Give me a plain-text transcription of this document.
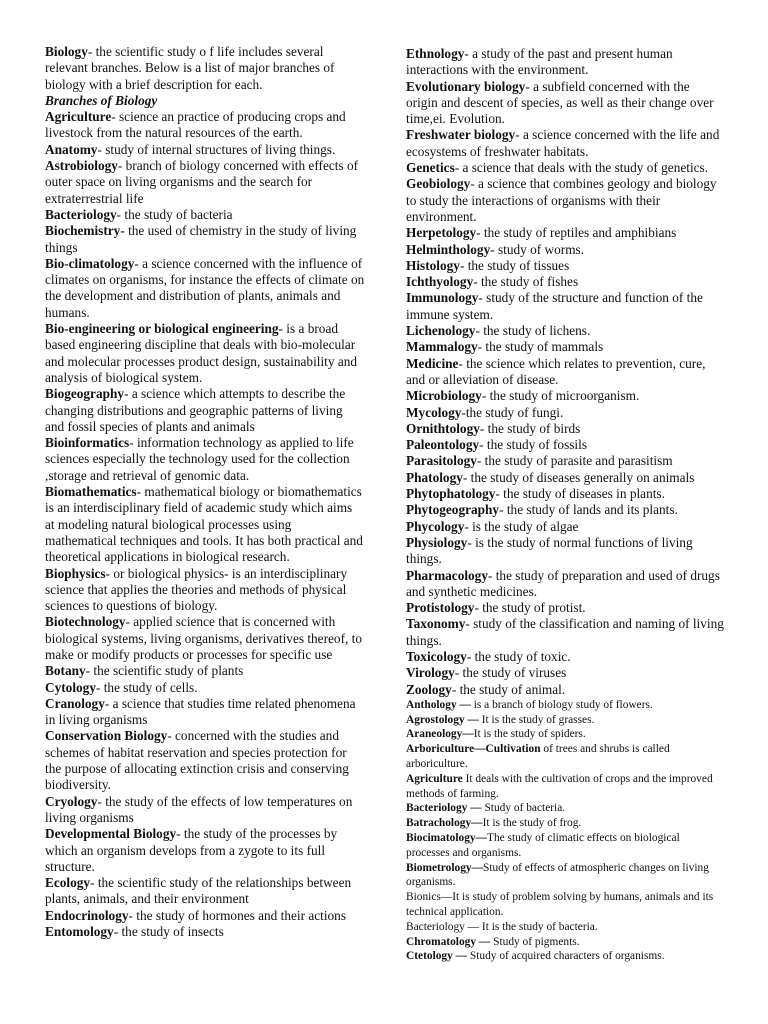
Biology- the scientific study o f life includes several relevant branches. Below is a list of major branches of biology with a brief description for each.

Branches of Biology

Agriculture- science an practice of producing crops and livestock from the natural resources of the earth.

Anatomy- study of internal structures of living things.

Astrobiology- branch of biology concerned with effects of outer space on living organisms and the search for extraterrestrial life

Bacteriology- the study of bacteria

Biochemistry- the used of chemistry in the study of living things

Bio-climatology- a science concerned with the influence of climates on organisms, for instance the effects of climate on the development and distribution of plants, animals and humans.

Bio-engineering or biological engineering- is a broad based engineering discipline that deals with bio-molecular and molecular processes product design, sustainability and analysis of biological system.

Biogeography- a science which attempts to describe the changing distributions and geographic patterns of living and fossil species of plants and animals

Bioinformatics- information technology as applied to life sciences especially the technology used for the collection ,storage and retrieval of genomic data.

Biomathematics- mathematical biology or biomathematics is an interdisciplinary field of academic study which aims at modeling natural biological processes using mathematical techniques and tools. It has both practical and theoretical applications in biological research.

Biophysics- or biological physics- is an interdisciplinary science that applies the theories and methods of physical sciences to questions of biology.

Biotechnology- applied science that is concerned with biological systems, living organisms, derivatives thereof, to make or modify products or processes for specific use

Botany- the scientific study of plants

Cytology- the study of cells.

Cranology- a science that studies time related phenomena in living organisms

Conservation Biology- concerned with the studies and schemes of habitat reservation and species protection for the purpose of allocating extinction crisis and conserving biodiversity.

Cryology- the study of the effects of low temperatures on living organisms

Developmental Biology- the study of the processes by which an organism develops from a zygote to its full structure.

Ecology- the scientific study of the relationships between plants, animals, and their environment

Endocrinology- the study of hormones and their actions

Entomology- the study of insects

Ethnology- a study of the past and present human interactions with the environment.

Evolutionary biology- a subfield concerned with the origin and descent of species, as well as their change over time,ei. Evolution.

Freshwater biology- a science concerned with the life and ecosystems of freshwater habitats.

Genetics- a science that deals with the study of genetics.

Geobiology- a science that combines geology and biology to study the interactions of organisms with their environment.

Herpetology- the study of reptiles and amphibians

Helminthology- study of worms.

Histology- the study of tissues

Ichthyology- the study of fishes

Immunology- study of the structure and function of the immune system.

Lichenology- the study of lichens.

Mammalogy- the study of mammals

Medicine- the science which relates to prevention, cure, and or alleviation of disease.

Microbiology- the study of microorganism.

Mycology-the study of fungi.

Ornithtology- the study of birds

Paleontology- the study of fossils

Parasitology- the study of parasite and parasitism

Phatology- the study of diseases generally on animals

Phytophatology- the study of diseases in plants.

Phytogeography- the study of lands and its plants.

Phycology- is the study of algae

Physiology- is the study of normal functions of living things.

Pharmacology- the study of preparation and used of drugs and synthetic medicines.

Protistology- the study of protist.

Taxonomy- study of the classification and naming of living things.

Toxicology- the study of toxic.

Virology- the study of viruses

Zoology- the study of animal.

Anthology — is a branch of biology study of flowers.

Agrostology — It is the study of grasses.

Araneology—It is the study of spiders.

Arboriculture—Cultivation of trees and shrubs is called arboriculture.

Agriculture It deals with the cultivation of crops and the improved methods of farming.

Bacteriology — Study of bacteria.

Batrachology—It is the study of frog.

Biocimatology—The study of climatic effects on biological processes and organisms.

Biometrology—Study of effects of atmospheric changes on living organisms.

Bionics—It is study of problem solving by humans, animals and its technical application.

Bacteriology — It is the study of bacteria.

Chromatology — Study of pigments.

Ctetology — Study of acquired characters of organisms.
